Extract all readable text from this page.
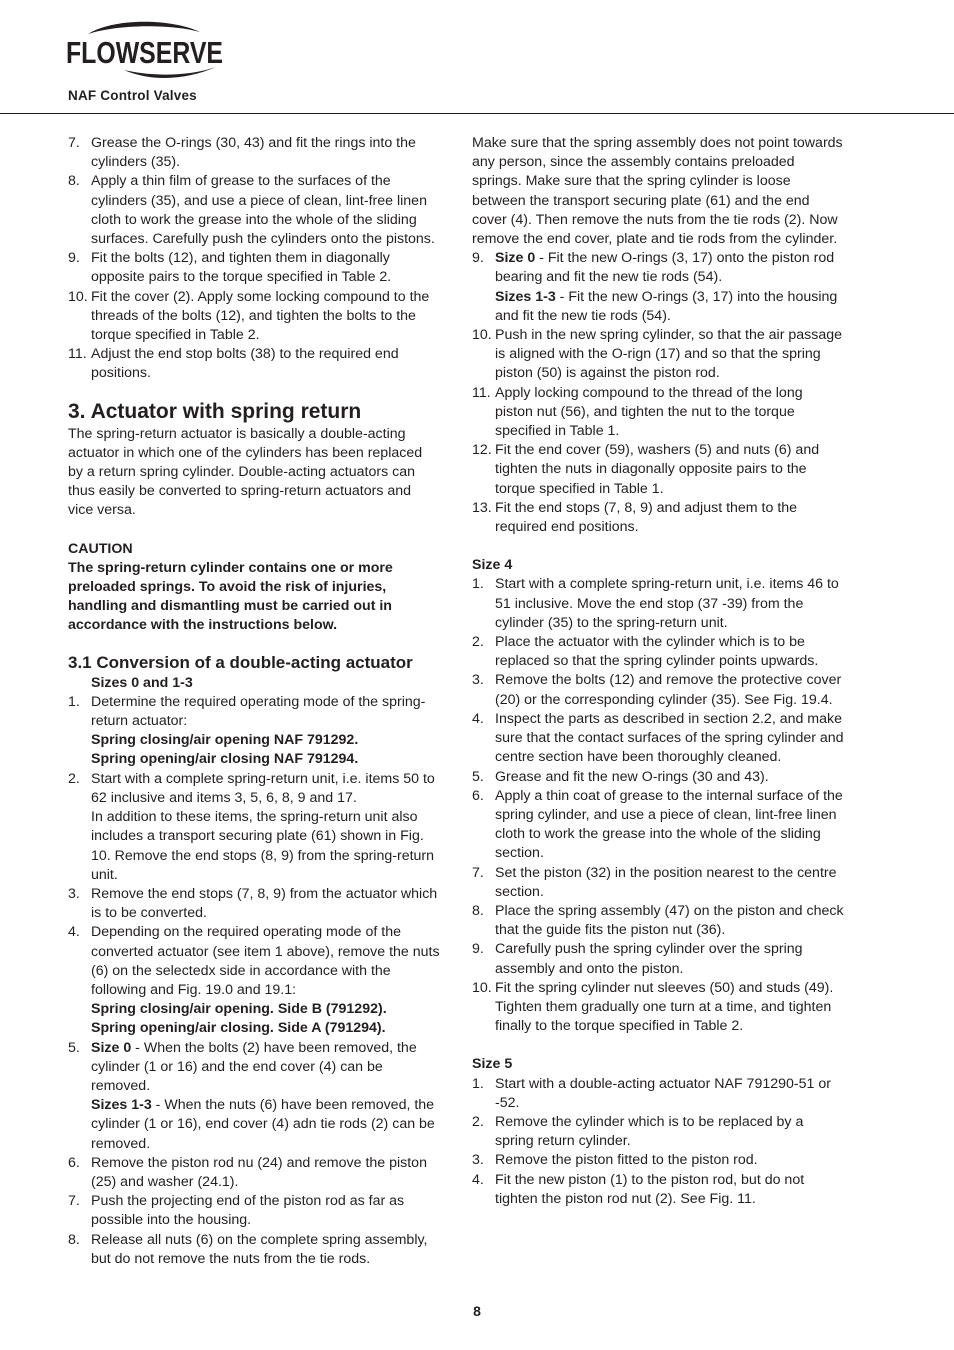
FLOWSERVE
NAF Control Valves
7. Grease the O-rings (30, 43) and fit the rings into the cylinders (35).
8. Apply a thin film of grease to the surfaces of the cylinders (35), and use a piece of clean, lint-free linen cloth to work the grease into the whole of the sliding surfaces. Carefully push the cylinders onto the pistons.
9. Fit the bolts (12), and tighten them in diagonally opposite pairs to the torque specified in Table 2.
10. Fit the cover (2). Apply some locking compound to the threads of the bolts (12), and tighten the bolts to the torque specified in Table 2.
11. Adjust the end stop bolts (38) to the required end positions.
3. Actuator with spring return

The spring-return actuator is basically a double-acting actuator in which one of the cylinders has been replaced by a return spring cylinder. Double-acting actuators can thus easily be converted to spring-return actuators and vice versa.

CAUTION

The spring-return cylinder contains one or more preloaded springs. To avoid the risk of injuries, handling and dismantling must be carried out in accordance with the instructions below.

3.1 Conversion of a double-acting actuator

Sizes 0 and 1-3

1. Determine the required operating mode of the spring-return actuator:
Spring closing/air opening NAF 791292.
Spring opening/air closing NAF 791294.
2. Start with a complete spring-return unit, i.e. items 50 to 62 inclusive and items 3, 5, 6, 8, 9 and 17.
In addition to these items, the spring-return unit also includes a transport securing plate (61) shown in Fig. 10. Remove the end stops (8, 9) from the spring-return unit.
3. Remove the end stops (7, 8, 9) from the actuator which is to be converted.
4. Depending on the required operating mode of the converted actuator (see item 1 above), remove the nuts (6) on the selectedx side in accordance with the following and Fig. 19.0 and 19.1:
Spring closing/air opening. Side B (791292).
Spring opening/air closing. Side A (791294).
5. Size 0 - When the bolts (2) have been removed, the cylinder (1 or 16) and the end cover (4) can be removed.
Sizes 1-3 - When the nuts (6) have been removed, the cylinder (1 or 16), end cover (4) adn tie rods (2) can be removed.
6. Remove the piston rod nu (24) and remove the piston (25) and washer (24.1).
7. Push the projecting end of the piston rod as far as possible into the housing.
8. Release all nuts (6) on the complete spring assembly, but do not remove the nuts from the tie rods.

Make sure that the spring assembly does not point towards any person, since the assembly contains preloaded springs. Make sure that the spring cylinder is loose between the transport securing plate (61) and the end cover (4). Then remove the nuts from the tie rods (2). Now remove the end cover, plate and tie rods from the cylinder.

9. Size 0 - Fit the new O-rings (3, 17) onto the piston rod bearing and fit the new tie rods (54).
Sizes 1-3 - Fit the new O-rings (3, 17) into the housing and fit the new tie rods (54).
10. Push in the new spring cylinder, so that the air passage is aligned with the O-rign (17) and so that the spring piston (50) is against the piston rod.
11. Apply locking compound to the thread of the long piston nut (56), and tighten the nut to the torque specified in Table 1.
12. Fit the end cover (59), washers (5) and nuts (6) and tighten the nuts in diagonally opposite pairs to the torque specified in Table 1.
13. Fit the end stops (7, 8, 9) and adjust them to the required end positions.

Size 4

1. Start with a complete spring-return unit, i.e. items 46 to 51 inclusive. Move the end stop (37 -39) from the cylinder (35) to the spring-return unit.
2. Place the actuator with the cylinder which is to be replaced so that the spring cylinder points upwards.
3. Remove the bolts (12) and remove the protective cover (20) or the corresponding cylinder (35). See Fig. 19.4.
4. Inspect the parts as described in section 2.2, and make sure that the contact surfaces of the spring cylinder and centre section have been thoroughly cleaned.
5. Grease and fit the new O-rings (30 and 43).
6. Apply a thin coat of grease to the internal surface of the spring cylinder, and use a piece of clean, lint-free linen cloth to work the grease into the whole of the sliding section.
7. Set the piston (32) in the position nearest to the centre section.
8. Place the spring assembly (47) on the piston and check that the guide fits the piston nut (36).
9. Carefully push the spring cylinder over the spring assembly and onto the piston.
10. Fit the spring cylinder nut sleeves (50) and studs (49). Tighten them gradually one turn at a time, and tighten finally to the torque specified in Table 2.

Size 5

1. Start with a double-acting actuator NAF 791290-51 or -52.
2. Remove the cylinder which is to be replaced by a spring return cylinder.
3. Remove the piston fitted to the piston rod.
4. Fit the new piston (1) to the piston rod, but do not tighten the piston rod nut (2). See Fig. 11.
8
